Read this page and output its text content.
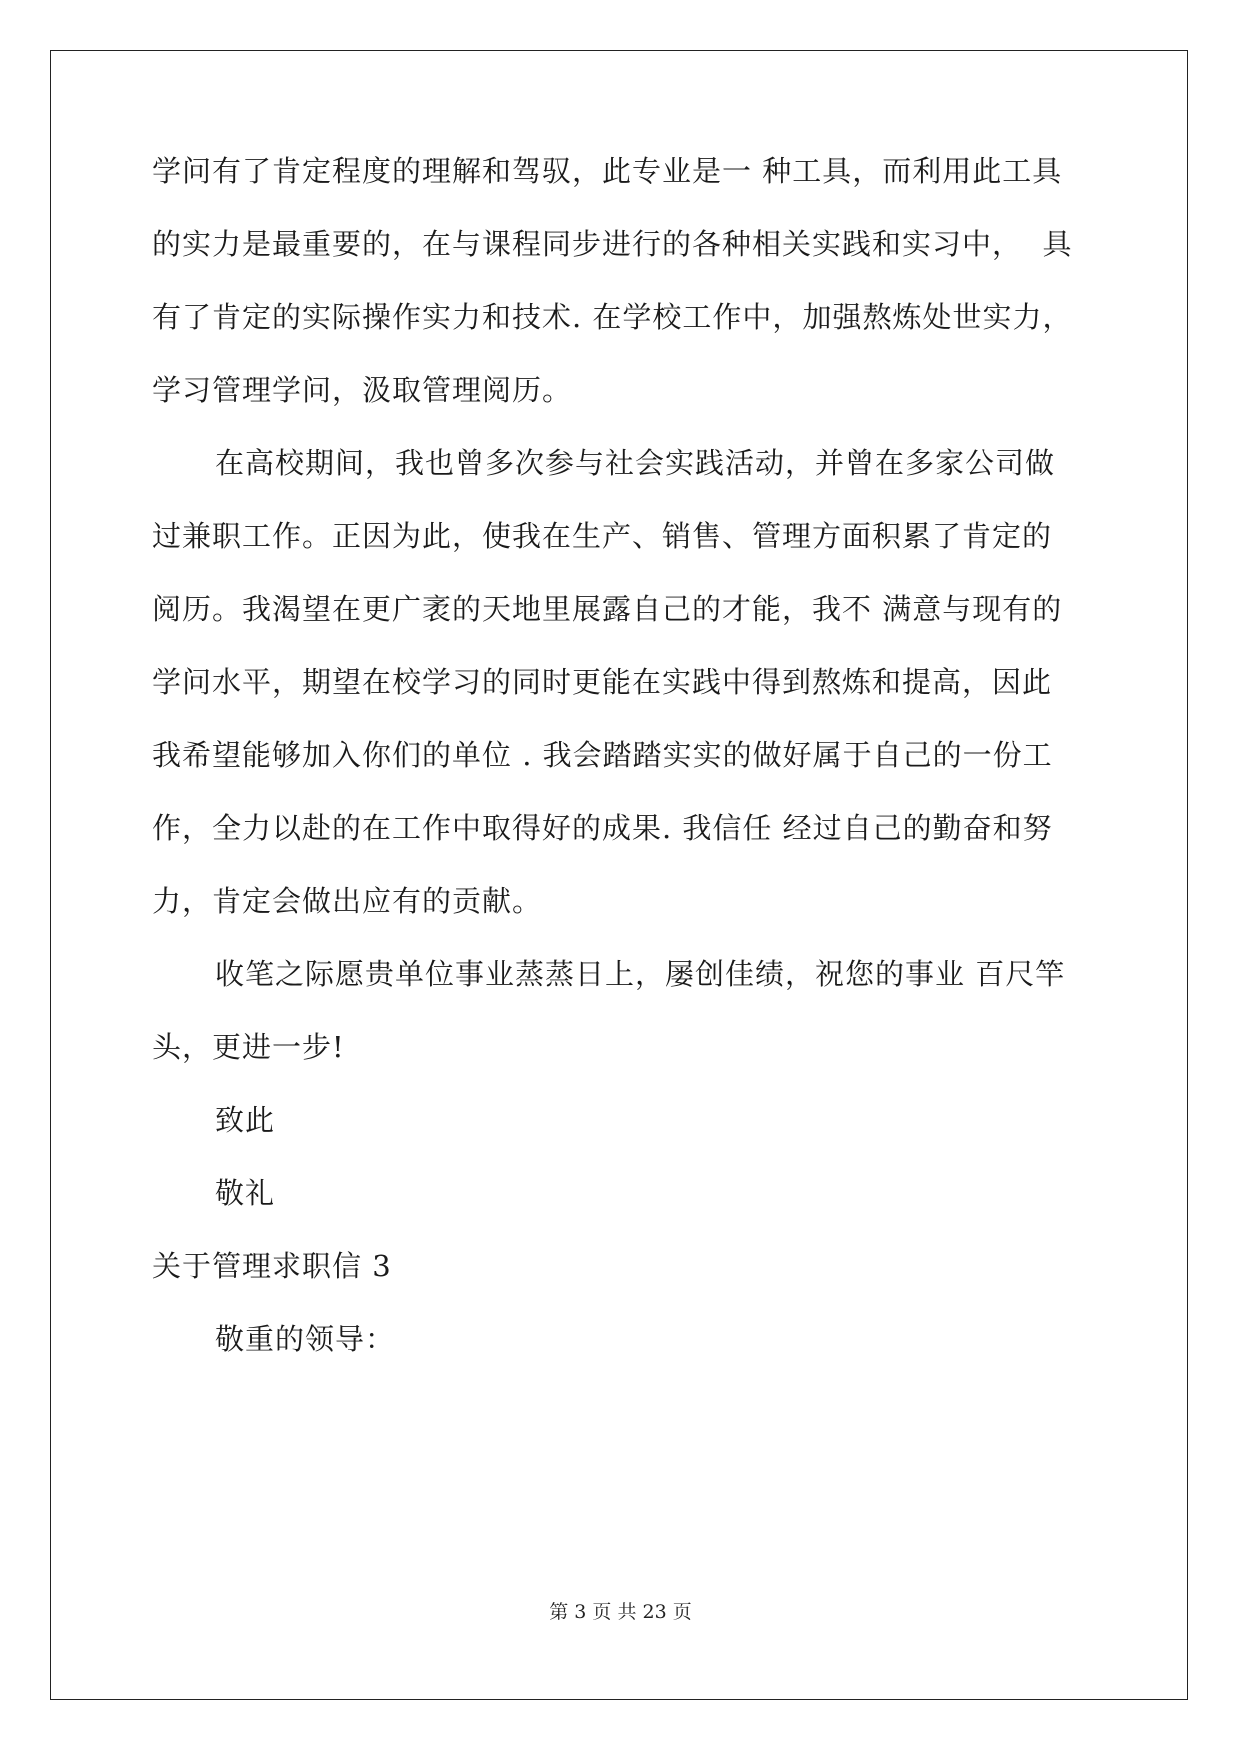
学问有了肯定程度的理解和驾驭，此专业是一 种工具，而利用此工具
的实力是最重要的，在与课程同步进行的各种相关实践和实习中，  具
有了肯定的实际操作实力和技术. 在学校工作中，加强熬炼处世实力，
学习管理学问，汲取管理阅历。
在高校期间，我也曾多次参与社会实践活动，并曾在多家公司做
过兼职工作。正因为此，使我在生产、销售、管理方面积累了肯定的
阅历。我渴望在更广袤的天地里展露自己的才能，我不 满意与现有的
学问水平，期望在校学习的同时更能在实践中得到熬炼和提高，因此
我希望能够加入你们的单位 . 我会踏踏实实的做好属于自己的一份工
作，全力以赴的在工作中取得好的成果. 我信任 经过自己的勤奋和努
力，肯定会做出应有的贡献。
收笔之际愿贵单位事业蒸蒸日上，屡创佳绩，祝您的事业 百尺竿
头，更进一步!
致此
敬礼
关于管理求职信 3
敬重的领导：
第 3 页 共 23 页
